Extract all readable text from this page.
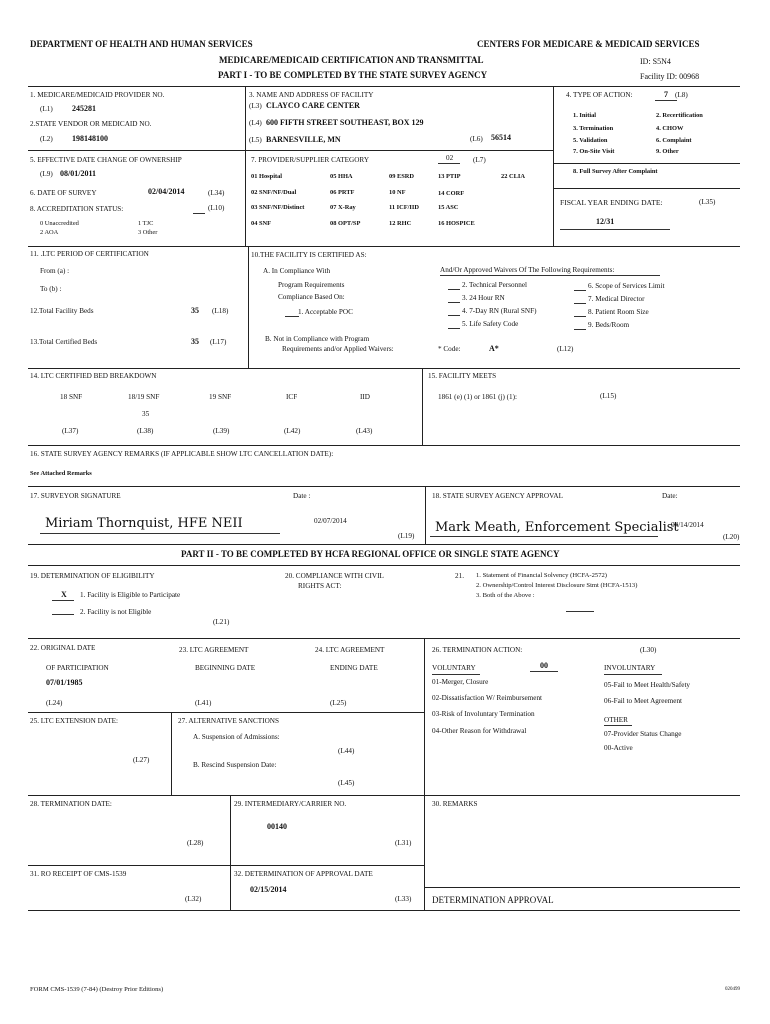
DEPARTMENT OF HEALTH AND HUMAN SERVICES	CENTERS FOR MEDICARE & MEDICAID SERVICES
MEDICARE/MEDICAID CERTIFICATION AND TRANSMITTAL
PART I - TO BE COMPLETED BY THE STATE SURVEY AGENCY
ID: S5N4
Facility ID: 00968
1. MEDICARE/MEDICAID PROVIDER NO.
(L1) 245281
2.STATE VENDOR OR MEDICAID NO.
(L2) 198148100
3. NAME AND ADDRESS OF FACILITY
(L3) CLAYCO CARE CENTER
(L4) 600 FIFTH STREET SOUTHEAST, BOX 129
(L5) BARNESVILLE, MN	(L6) 56514
4. TYPE OF ACTION:	7 (L8)
1. Initial	2. Recertification
3. Termination	4. CHOW
5. Validation	6. Complaint
7. On-Site Visit	9. Other
8. Full Survey After Complaint
5. EFFECTIVE DATE CHANGE OF OWNERSHIP
(L9) 08/01/2011
6. DATE OF SURVEY	02/04/2014	(L34)
8. ACCREDITATION STATUS:	(L10)
0 Unaccredited	1 TJC
2 AOA	3 Other
7. PROVIDER/SUPPLIER CATEGORY	02	(L7)
01 Hospital	05 HHA	09 ESRD	13 PTIP	22 CLIA
02 SNF/NF/Dual	06 PRTF	10 NF	14 CORF
03 SNF/NF/Distinct	07 X-Ray	11 ICF/IID	15 ASC
04 SNF	08 OPT/SP	12 RHC	16 HOSPICE
FISCAL YEAR ENDING DATE:	(L35)
12/31
11. .LTC PERIOD OF CERTIFICATION
From (a) :
To (b) :
12.Total Facility Beds	35 (L18)
13.Total Certified Beds	35 (L17)
10.THE FACILITY IS CERTIFIED AS:
A. In Compliance With
Program Requirements
Compliance Based On:
1. Acceptable POC
B. Not in Compliance with Program
Requirements and/or Applied Waivers:	* Code:	A*	(L12)
And/Or Approved Waivers Of The Following Requirements:
2. Technical Personnel
3. 24 Hour RN
4. 7-Day RN (Rural SNF)
5. Life Safety Code
6. Scope of Services Limit
7. Medical Director
8. Patient Room Size
9. Beds/Room
14. LTC CERTIFIED BED BREAKDOWN
18 SNF	18/19 SNF	19 SNF	ICF	IID
35
(L37)	(L38)	(L39)	(L42)	(L43)
15. FACILITY MEETS
1861 (e) (1) or 1861 (j) (1):	(L15)
16. STATE SURVEY AGENCY REMARKS (IF APPLICABLE SHOW LTC CANCELLATION DATE):
See Attached Remarks
17. SURVEYOR SIGNATURE	Date :
Miriam Thornquist, HFE NEII	02/07/2014
(L19)
18. STATE SURVEY AGENCY APPROVAL	Date:
Mark Meath, Enforcement Specialist
04/14/2014
(L20)
PART II - TO BE COMPLETED BY HCFA REGIONAL OFFICE OR SINGLE STATE AGENCY
19. DETERMINATION OF ELIGIBILITY
X 1. Facility is Eligible to Participate
2. Facility is not Eligible
(L21)
20. COMPLIANCE WITH CIVIL
RIGHTS ACT:
21. 1. Statement of Financial Solvency (HCFA-2572)
2. Ownership/Control Interest Disclosure Stmt (HCFA-1513)
3. Both of the Above :
22. ORIGINAL DATE
OF PARTICIPATION
07/01/1985
(L24)
23. LTC AGREEMENT
BEGINNING DATE
(L41)
24. LTC AGREEMENT
ENDING DATE
(L25)
25. LTC EXTENSION DATE:
(L27)
27. ALTERNATIVE SANCTIONS
A. Suspension of Admissions:
(L44)
B. Rescind Suspension Date:
(L45)
26. TERMINATION ACTION:	(L30)
VOLUNTARY	00	INVOLUNTARY
01-Merger, Closure
02-Dissatisfaction W/ Reimbursement
03-Risk of Involuntary Termination
04-Other Reason for Withdrawal
05-Fail to Meet Health/Safety
06-Fail to Meet Agreement
OTHER
07-Provider Status Change
00-Active
28. TERMINATION DATE:
(L28)
29. INTERMEDIARY/CARRIER NO.
00140
(L31)
30. REMARKS
31. RO RECEIPT OF CMS-1539
(L32)
32. DETERMINATION OF APPROVAL DATE
02/15/2014
(L33) DETERMINATION APPROVAL
FORM CMS-1539 (7-84) (Destroy Prior Editions)	020499
